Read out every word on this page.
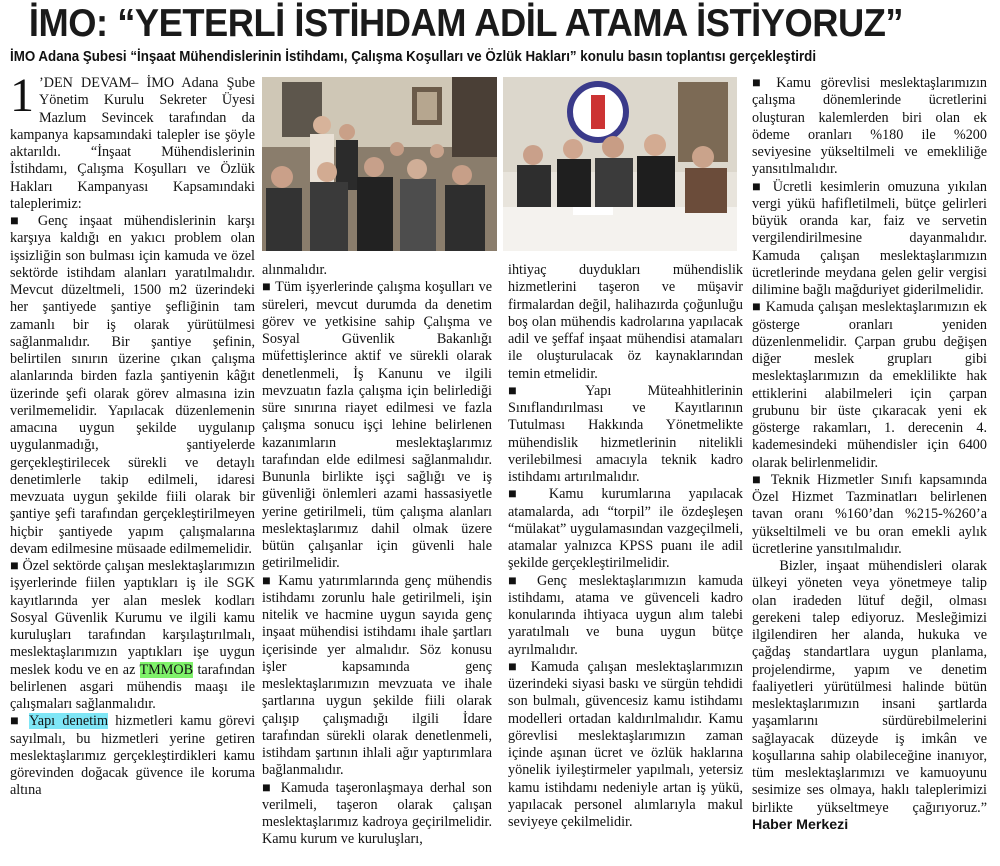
İMO: “YETERLİ İSTİHDAM ADİL ATAMA İSTİYORUZ”
İMO Adana Şubesi “İnşaat Mühendislerinin İstihdamı, Çalışma Koşulları ve Özlük Hakları” konulu basın toplantısı gerçekleştirdi

1 ’DEN DEVAM– İMO Adana Şube Yönetim Kurulu Sekreter Üyesi Mazlum Sevincek tarafından da kampanya kapsamındaki talepler ise şöyle aktarıldı. “İnşaat Mühendislerinin İstihdamı, Çalışma Koşulları ve Özlük Hakları Kampanyası Kapsamındaki taleplerimiz:

■ Genç inşaat mühendislerinin karşı karşıya kaldığı en yakıcı problem olan işsizliğin son bulması için kamuda ve özel sektörde istihdam alanları yaratılmalıdır. Mevcut düzeltmeli, 1500 m2 üzerindeki her şantiyede şantiye şefliğinin tam zamanlı bir iş olarak yürütülmesi sağlanmalıdır. Bir şantiye şefinin, belirtilen sınırın üzerine çıkan çalışma alanlarında birden fazla şantiyenin kâğıt üzerinde şefi olarak görev almasına izin verilmemelidir. Yapılacak düzenlemenin amacına uygun şekilde uygulanıp uygulanmadığı, şantiyelerde gerçekleştirilecek sürekli ve detaylı denetimlerle takip edilmeli, idaresi mevzuata uygun şekilde fiili olarak bir şantiye şefi tarafından gerçekleştirilmeyen hiçbir şantiyede yapım çalışmalarına devam edilmesine müsaade edilmemelidir.

■ Özel sektörde çalışan meslektaşlarımızın işyerlerinde fiilen yaptıkları iş ile SGK kayıtlarında yer alan meslek kodları Sosyal Güvenlik Kurumu ve ilgili kamu kuruluşları tarafından karşılaştırılmalı, meslektaşlarımızın yaptıkları işe uygun meslek kodu ve en az TMMOB tarafından belirlenen asgari mühendis maaşı ile çalışmaları sağlanmalıdır.

■ Yapı denetim hizmetleri kamu görevi sayılmalı, bu hizmetleri yerine getiren meslektaşlarımız gerçekleştirdikleri kamu görevinden doğacak güvence ile koruma altına

alınmalıdır.

■ Tüm işyerlerinde çalışma koşulları ve süreleri, mevcut durumda da denetim görev ve yetkisine sahip Çalışma ve Sosyal Güvenlik Bakanlığı müfettişlerince aktif ve sürekli olarak denetlenmeli, İş Kanunu ve ilgili mevzuatın fazla çalışma için belirlediği süre sınırına riayet edilmesi ve fazla çalışma sonucu işçi lehine belirlenen kazanımların meslektaşlarımız tarafından elde edilmesi sağlanmalıdır. Bununla birlikte işçi sağlığı ve iş güvenliği önlemleri azami hassasiyetle yerine getirilmeli, tüm çalışma alanları meslektaşlarımız dahil olmak üzere bütün çalışanlar için güvenli hale getirilmelidir.

■ Kamu yatırımlarında genç mühendis istihdamı zorunlu hale getirilmeli, işin nitelik ve hacmine uygun sayıda genç inşaat mühendisi istihdamı ihale şartları içerisinde yer almalıdır. Söz konusu işler kapsamında genç meslektaşlarımızın mevzuata ve ihale şartlarına uygun şekilde fiili olarak çalışıp çalışmadığı ilgili İdare tarafından sürekli olarak denetlenmeli, istihdam şartının ihlali ağır yaptırımlara bağlanmalıdır.

■ Kamuda taşeronlaşmaya derhal son verilmeli, taşeron olarak çalışan meslektaşlarımız kadroya geçirilmelidir. Kamu kurum ve kuruluşları,

ihtiyaç duydukları mühendislik hizmetlerini taşeron ve müşavir firmalardan değil, halihazırda çoğunluğu boş olan mühendis kadrolarına yapılacak adil ve şeffaf inşaat mühendisi atamaları ile oluşturulacak öz kaynaklarından temin etmelidir.

■ Yapı Müteahhitlerinin Sınıflandırılması ve Kayıtlarının Tutulması Hakkında Yönetmelikte mühendislik hizmetlerinin nitelikli verilebilmesi amacıyla teknik kadro istihdamı artırılmalıdır.

■ Kamu kurumlarına yapılacak atamalarda, adı “torpil” ile özdeşleşen “mülakat” uygulamasından vazgeçilmeli, atamalar yalnızca KPSS puanı ile adil şekilde gerçekleştirilmelidir.

■ Genç meslektaşlarımızın kamuda istihdamı, atama ve güvenceli kadro konularında ihtiyaca uygun alım talebi yaratılmalı ve buna uygun bütçe ayrılmalıdır.

■ Kamuda çalışan meslektaşlarımızın üzerindeki siyasi baskı ve sürgün tehdidi son bulmalı, güvencesiz kamu istihdamı modelleri ortadan kaldırılmalıdır. Kamu görevlisi meslektaşlarımızın zaman içinde aşınan ücret ve özlük haklarına yönelik iyileştirmeler yapılmalı, yetersiz kamu istihdamı nedeniyle artan iş yükü, yapılacak personel alımlarıyla makul seviyeye çekilmelidir.

■ Kamu görevlisi meslektaşlarımızın çalışma dönemlerinde ücretlerini oluşturan kalemlerden biri olan ek ödeme oranları %180 ile %200 seviyesine yükseltilmeli ve emekliliğe yansıtılmalıdır.

■ Ücretli kesimlerin omuzuna yıkılan vergi yükü hafifletilmeli, bütçe gelirleri büyük oranda kar, faiz ve servetin vergilendirilmesine dayanmalıdır. Kamuda çalışan meslektaşlarımızın ücretlerinde meydana gelen gelir vergisi dilimine bağlı mağduriyet giderilmelidir.

■ Kamuda çalışan meslektaşlarımızın ek gösterge oranları yeniden düzenlenmelidir. Çarpan grubu değişen diğer meslek grupları gibi meslektaşlarımızın da emeklilikte hak ettiklerini alabilmeleri için çarpan grubunu bir üste çıkaracak yeni ek gösterge rakamları, 1. derecenin 4. kademesindeki mühendisler için 6400 olarak belirlenmelidir.

■ Teknik Hizmetler Sınıfı kapsamında Özel Hizmet Tazminatları belirlenen tavan oranı %160’dan %215-%260’a yükseltilmeli ve bu oran emekli aylık ücretlerine yansıtılmalıdır.

Bizler, inşaat mühendisleri olarak ülkeyi yöneten veya yönetmeye talip olan iradeden lütuf değil, olması gerekeni talep ediyoruz. Mesleğimizi ilgilendiren her alanda, hukuka ve çağdaş standartlara uygun planlama, projelendirme, yapım ve denetim faaliyetleri yürütülmesi halinde bütün meslektaşlarımızın insani şartlarda yaşamlarını sürdürebilmelerini sağlayacak düzeyde iş imkân ve koşullarına sahip olabileceğine inanıyor, tüm meslektaşlarımızı ve kamuoyunu sesimize ses olmaya, haklı taleplerimizi birlikte yükseltmeye çağırıyoruz.” Haber Merkezi
